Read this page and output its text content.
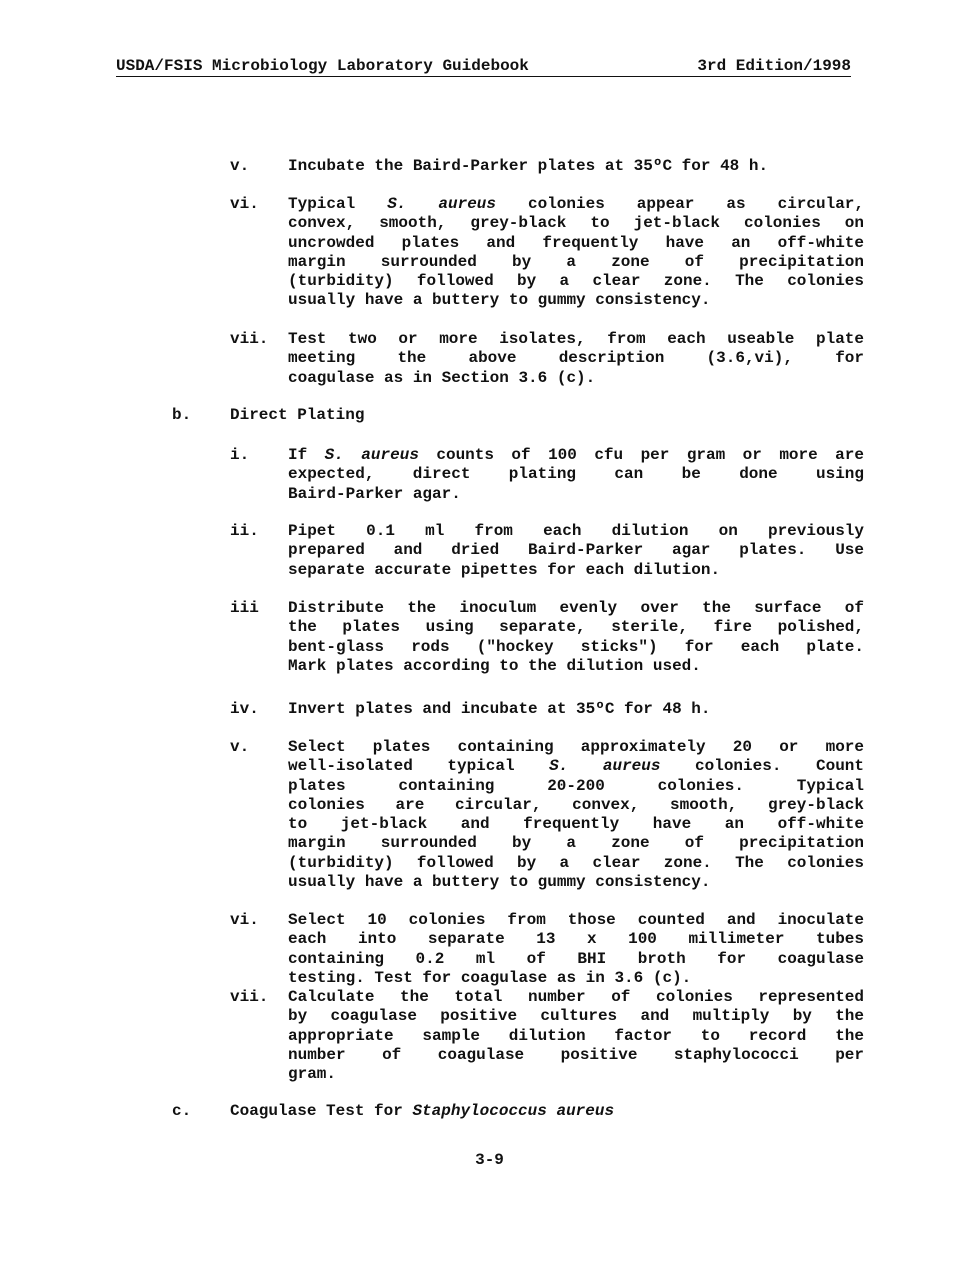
USDA/FSIS Microbiology Laboratory Guidebook	3rd Edition/1998
v. Incubate the Baird-Parker plates at 35ºC for 48 h.
vi. Typical S. aureus colonies appear as circular,
convex, smooth, grey-black to jet-black colonies on
uncrowded plates and frequently have an off-white
margin surrounded by a zone of precipitation
(turbidity) followed by a clear zone. The colonies
usually have a buttery to gummy consistency.
vii. Test two or more isolates, from each useable plate
meeting the above description (3.6,vi), for
coagulase as in Section 3.6 (c).
b. Direct Plating
i. If S. aureus counts of 100 cfu per gram or more are
expected, direct plating can be done using
Baird-Parker agar.
ii. Pipet 0.1 ml from each dilution on previously
prepared and dried Baird-Parker agar plates. Use
separate accurate pipettes for each dilution.
iii Distribute the inoculum evenly over the surface of
the plates using separate, sterile, fire polished,
bent-glass rods ("hockey sticks") for each plate.
Mark plates according to the dilution used.
iv. Invert plates and incubate at 35ºC for 48 h.
v. Select plates containing approximately 20 or more
well-isolated typical S. aureus colonies. Count
plates containing 20-200 colonies. Typical
colonies are circular, convex, smooth, grey-black
to jet-black and frequently have an off-white
margin surrounded by a zone of precipitation
(turbidity) followed by a clear zone. The colonies
usually have a buttery to gummy consistency.
vi. Select 10 colonies from those counted and inoculate
each into separate 13 x 100 millimeter tubes
containing 0.2 ml of BHI broth for coagulase
testing. Test for coagulase as in 3.6 (c).
vii. Calculate the total number of colonies represented
by coagulase positive cultures and multiply by the
appropriate sample dilution factor to record the
number of coagulase positive staphylococci per
gram.
c. Coagulase Test for Staphylococcus aureus
3-9
